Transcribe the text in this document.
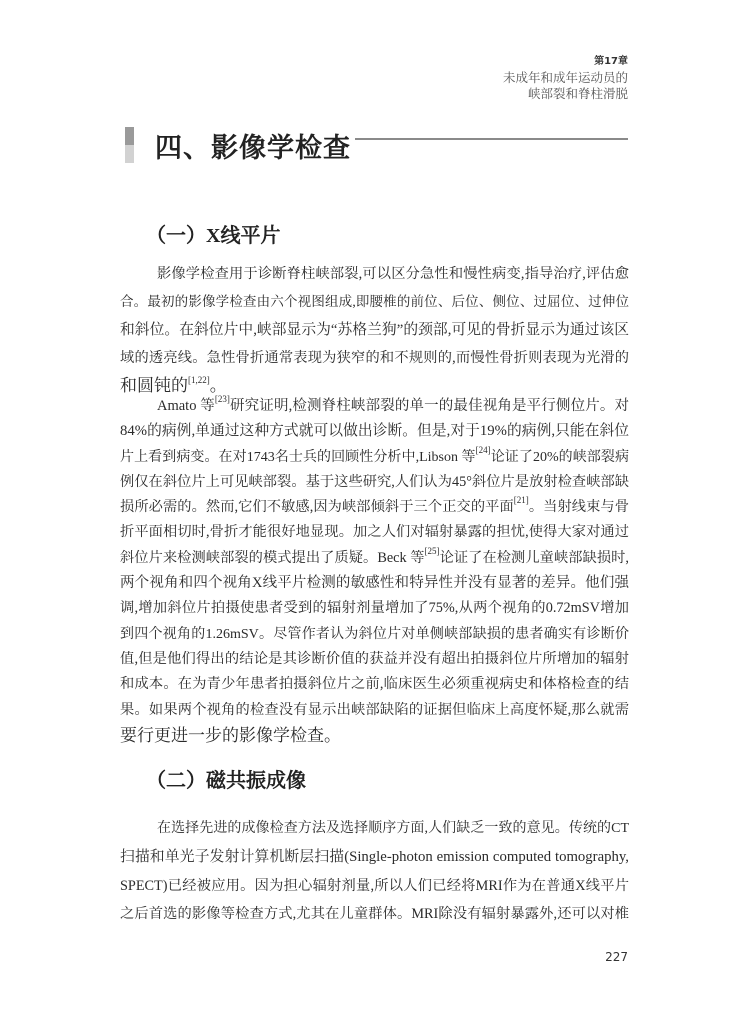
第17章
未成年和成年运动员的
峡部裂和脊柱滑脱
四、影像学检查
（一）X线平片
影像学检查用于诊断脊柱峡部裂,可以区分急性和慢性病变,指导治疗,评估愈
合。最初的影像学检查由六个视图组成,即腰椎的前位、后位、侧位、过屈位、过伸位
和斜位。在斜位片中,峡部显示为“苏格兰狗”的颈部,可见的骨折显示为通过该区
域的透亮线。急性骨折通常表现为狭窄的和不规则的,而慢性骨折则表现为光滑的
和圆钝的[1,22]。
Amato 等[23]研究证明,检测脊柱峡部裂的单一的最佳视角是平行侧位片。对
84%的病例,单通过这种方式就可以做出诊断。但是,对于19%的病例,只能在斜位
片上看到病变。在对1743名士兵的回顾性分析中,Libson 等[24]论证了20%的峡部裂病
例仅在斜位片上可见峡部裂。基于这些研究,人们认为45°斜位片是放射检查峡部缺
损所必需的。然而,它们不敏感,因为峡部倾斜于三个正交的平面[21]。当射线束与骨
折平面相切时,骨折才能很好地显现。加之人们对辐射暴露的担忧,使得大家对通过
斜位片来检测峡部裂的模式提出了质疑。Beck 等[25]论证了在检测儿童峡部缺损时,
两个视角和四个视角X线平片检测的敏感性和特异性并没有显著的差异。他们强
调,增加斜位片拍摄使患者受到的辐射剂量增加了75%,从两个视角的0.72mSV增加
到四个视角的1.26mSV。尽管作者认为斜位片对单侧峡部缺损的患者确实有诊断价
值,但是他们得出的结论是其诊断价值的获益并没有超出拍摄斜位片所增加的辐射
和成本。在为青少年患者拍摄斜位片之前,临床医生必须重视病史和体格检查的结
果。如果两个视角的检查没有显示出峡部缺陷的证据但临床上高度怀疑,那么就需
要行更进一步的影像学检查。
（二）磁共振成像
在选择先进的成像检查方法及选择顺序方面,人们缺乏一致的意见。传统的CT
扫描和单光子发射计算机断层扫描(Single-photon emission computed tomography,
SPECT)已经被应用。因为担心辐射剂量,所以人们已经将MRI作为在普通X线平片
之后首选的影像等检查方式,尤其在儿童群体。MRI除没有辐射暴露外,还可以对椎
227
